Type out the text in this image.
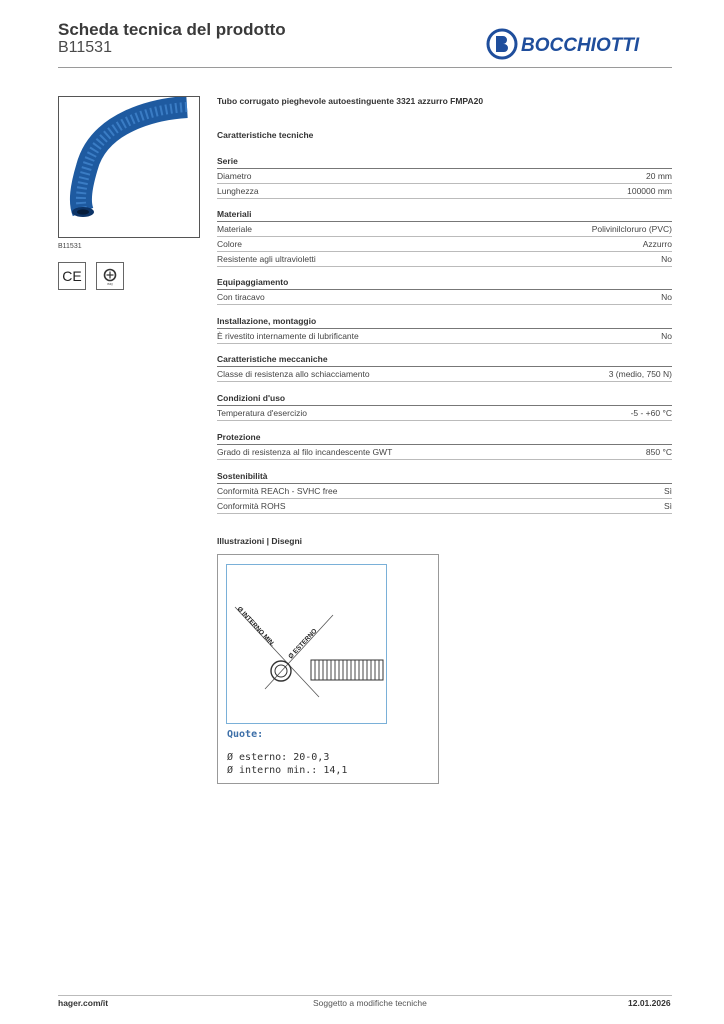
Scheda tecnica del prodotto
B11531	BOCCHIOTTI
B11531
CE	IMQ
Tubo corrugato pieghevole autoestinguente 3321 azzurro FMPA20
Caratteristiche tecniche
Serie
Diametro	20 mm
Lunghezza	100000 mm
Materiali
Materiale	Polivinilcloruro (PVC)
Colore	Azzurro
Resistente agli ultravioletti	No
Equipaggiamento
Con tiracavo	No
Installazione, montaggio
È rivestito internamente di lubrificante	No
Caratteristiche meccaniche
Classe di resistenza allo schiacciamento	3 (medio, 750 N)
Condizioni d'uso
Temperatura d'esercizio	-5 - +60 °C
Protezione
Grado di resistenza al filo incandescente GWT	850 °C
Sostenibilità
Conformità REACh - SVHC free	Sì
Conformità ROHS	Sì
Illustrazioni | Disegni
Ø INTERNO MIN. Ø ESTERNO
Quote:
Ø esterno: 20-0,3
Ø interno min.: 14,1
hager.com/it	Soggetto a modifiche tecniche	12.01.2026
